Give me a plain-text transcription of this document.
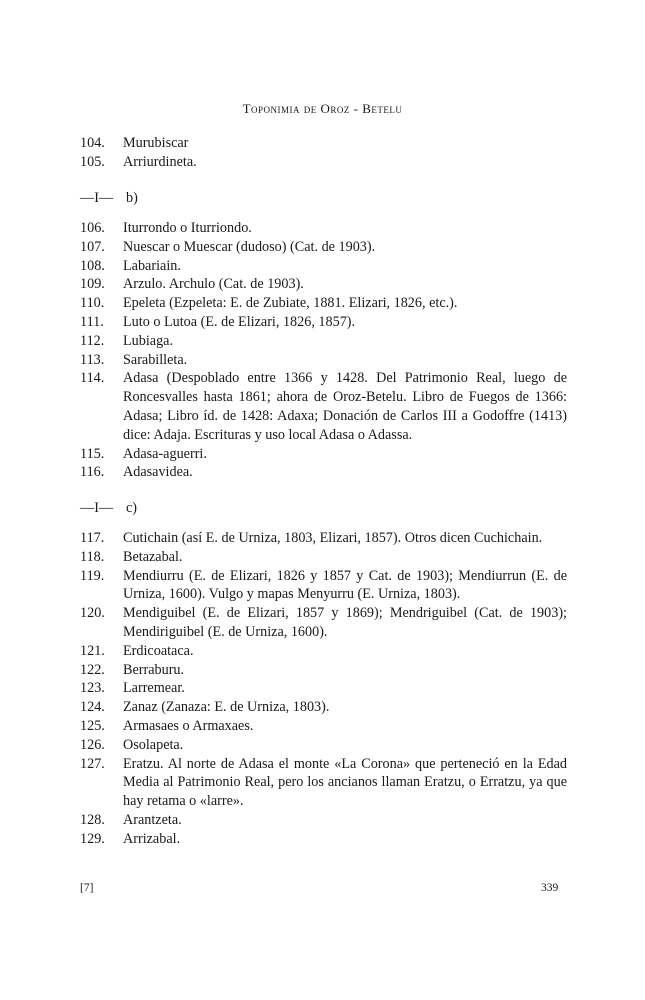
Toponimia de Oroz - Betelu
104.	Murubiscar
105.	Arriurdineta.
—I— b)
106.	Iturrondo o Iturriondo.
107.	Nuescar o Muescar (dudoso) (Cat. de 1903).
108.	Labariain.
109.	Arzulo. Archulo (Cat. de 1903).
110.	Epeleta (Ezpeleta: E. de Zubiate, 1881. Elizari, 1826, etc.).
111.	Luto o Lutoa (E. de Elizari, 1826, 1857).
112.	Lubiaga.
113.	Sarabilleta.
114.	Adasa (Despoblado entre 1366 y 1428. Del Patrimonio Real, luego de Roncesvalles hasta 1861; ahora de Oroz-Betelu. Libro de Fuegos de 1366: Adasa; Libro íd. de 1428: Adaxa; Donación de Carlos III a Godoffre (1413) dice: Adaja. Escrituras y uso local Adasa o Adassa.
115.	Adasa-aguerri.
116.	Adasavidea.
—I— c)
117.	Cutichain (así E. de Urniza, 1803, Elizari, 1857). Otros dicen Cuchichain.
118.	Betazabal.
119.	Mendiurru (E. de Elizari, 1826 y 1857 y Cat. de 1903); Mendiurrun (E. de Urniza, 1600). Vulgo y mapas Menyurru (E. Urniza, 1803).
120.	Mendiguibel (E. de Elizari, 1857 y 1869); Mendriguibel (Cat. de 1903); Mendiriguibel (E. de Urniza, 1600).
121.	Erdicoataca.
122.	Berraburu.
123.	Larremear.
124.	Zanaz (Zanaza: E. de Urniza, 1803).
125.	Armasaes o Armaxaes.
126.	Osolapeta.
127.	Eratzu. Al norte de Adasa el monte «La Corona» que perteneció en la Edad Media al Patrimonio Real, pero los ancianos llaman Eratzu, o Erratzu, ya que hay retama o «larre».
128.	Arantzeta.
129.	Arrizabal.
[7]	339
